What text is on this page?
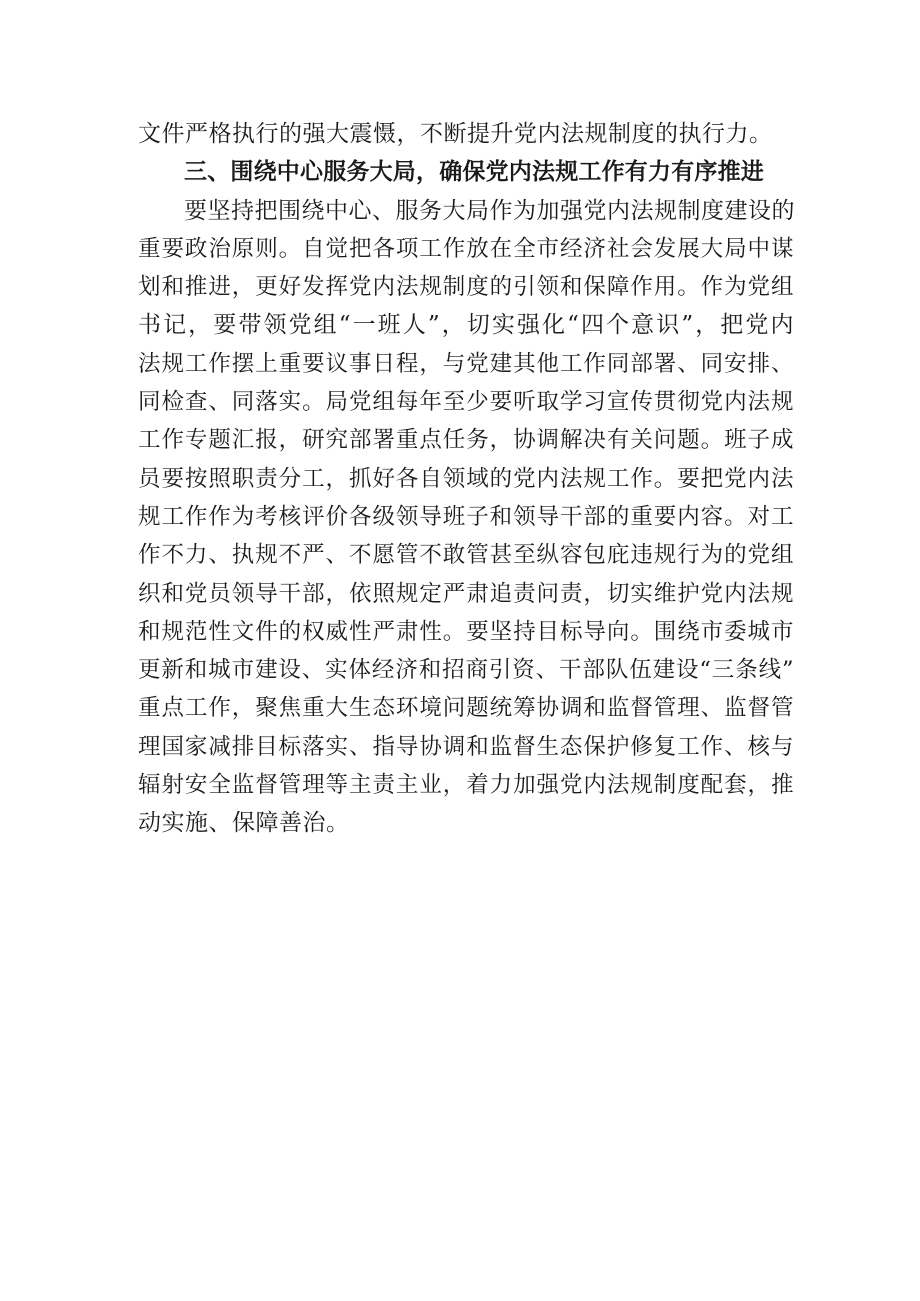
文件严格执行的强大震慑，不断提升党内法规制度的执行力。
三、围绕中心服务大局，确保党内法规工作有力有序推进
要坚持把围绕中心、服务大局作为加强党内法规制度建设的
重要政治原则。自觉把各项工作放在全市经济社会发展大局中谋
划和推进，更好发挥党内法规制度的引领和保障作用。作为党组
书记，要带领党组“一班人”，切实强化“四个意识”，把党内
法规工作摆上重要议事日程，与党建其他工作同部署、同安排、
同检查、同落实。局党组每年至少要听取学习宣传贯彻党内法规
工作专题汇报，研究部署重点任务，协调解决有关问题。班子成
员要按照职责分工，抓好各自领域的党内法规工作。要把党内法
规工作作为考核评价各级领导班子和领导干部的重要内容。对工
作不力、执规不严、不愿管不敢管甚至纵容包庇违规行为的党组
织和党员领导干部，依照规定严肃追责问责，切实维护党内法规
和规范性文件的权威性严肃性。要坚持目标导向。围绕市委城市
更新和城市建设、实体经济和招商引资、干部队伍建设“三条线”
重点工作，聚焦重大生态环境问题统筹协调和监督管理、监督管
理国家减排目标落实、指导协调和监督生态保护修复工作、核与
辐射安全监督管理等主责主业，着力加强党内法规制度配套，推
动实施、保障善治。
